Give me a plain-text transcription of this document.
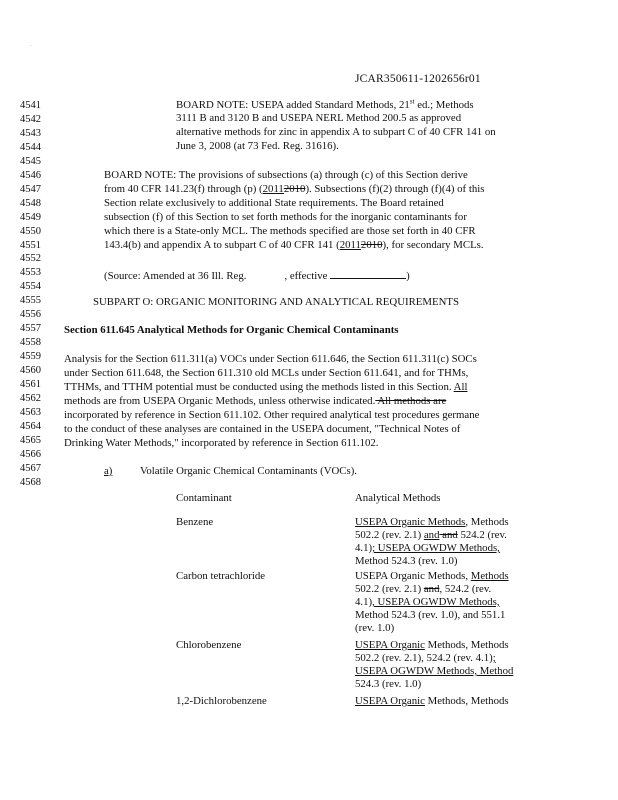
.
JCAR350611-1202656r01
4541
4542
4543
4544
4545
4546
4547
4548
4549
4550
4551
4552
4553
4554
4555
4556
4557
4558
4559
4560
4561
4562
4563
4564
4565
4566
4567
4568
BOARD NOTE: USEPA added Standard Methods, 21st ed.; Methods
3111 B and 3120 B and USEPA NERL Method 200.5 as approved
alternative methods for zinc in appendix A to subpart C of 40 CFR 141 on
June 3, 2008 (at 73 Fed. Reg. 31616).
BOARD NOTE: The provisions of subsections (a) through (c) of this Section derive
from 40 CFR 141.23(f) through (p) (20112010). Subsections (f)(2) through (f)(4) of this
Section relate exclusively to additional State requirements. The Board retained
subsection (f) of this Section to set forth methods for the inorganic contaminants for
which there is a State-only MCL. The methods specified are those set forth in 40 CFR
143.4(b) and appendix A to subpart C of 40 CFR 141 (20112010), for secondary MCLs.
(Source: Amended at 36 Ill. Reg.	, effective	)
SUBPART O: ORGANIC MONITORING AND ANALYTICAL REQUIREMENTS
Section 611.645 Analytical Methods for Organic Chemical Contaminants
Analysis for the Section 611.311(a) VOCs under Section 611.646, the Section 611.311(c) SOCs
under Section 611.648, the Section 611.310 old MCLs under Section 611.641, and for THMs,
TTHMs, and TTHM potential must be conducted using the methods listed in this Section. All
methods are from USEPA Organic Methods, unless otherwise indicated. All methods are
incorporated by reference in Section 611.102. Other required analytical test procedures germane
to the conduct of these analyses are contained in the USEPA document, "Technical Notes of
Drinking Water Methods," incorporated by reference in Section 611.102.
a)	Volatile Organic Chemical Contaminants (VOCs).
Contaminant	Analytical Methods
Benzene	USEPA Organic Methods, Methods
502.2 (rev. 2.1) and and 524.2 (rev.
4.1); USEPA OGWDW Methods,
Method 524.3 (rev. 1.0)
Carbon tetrachloride	USEPA Organic Methods, Methods
502.2 (rev. 2.1) and, 524.2 (rev.
4.1), USEPA OGWDW Methods,
Method 524.3 (rev. 1.0), and 551.1
(rev. 1.0)
Chlorobenzene	USEPA Organic Methods, Methods
502.2 (rev. 2.1), 524.2 (rev. 4.1);
USEPA OGWDW Methods, Method
524.3 (rev. 1.0)
1,2-Dichlorobenzene	USEPA Organic Methods, Methods
